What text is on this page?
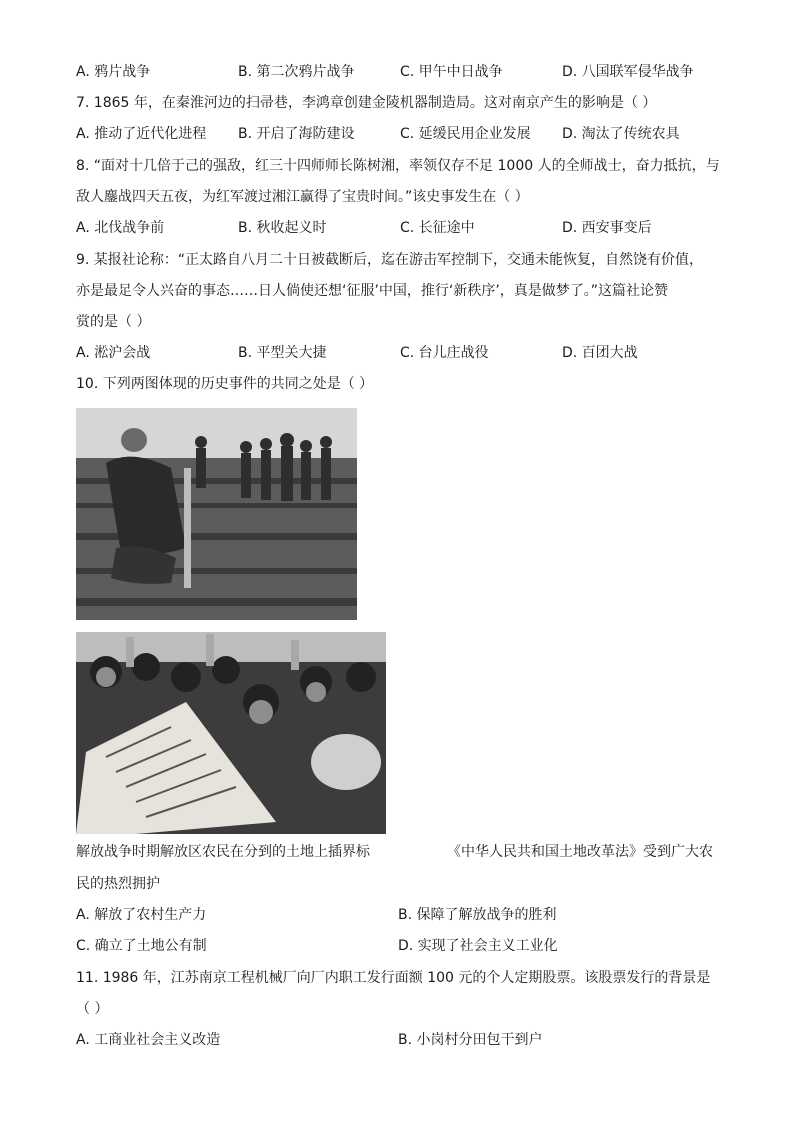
A. 鸦片战争	B. 第二次鸦片战争	C. 甲午中日战争	D. 八国联军侵华战争
7. 1865 年，在秦淮河边的扫帚巷，李鸿章创建金陵机器制造局。这对南京产生的影响是（ ）
A. 推动了近代化进程 B. 开启了海防建设	C. 延缓民用企业发展 D. 淘汰了传统农具
8. “面对十几倍于己的强敌，红三十四师师长陈树湘，率领仅存不足 1000 人的全师战士，奋力抵抗，与
敌人鏖战四天五夜，为红军渡过湘江赢得了宝贵时间。”该史事发生在（ ）
A. 北伐战争前	B. 秋收起义时	C. 长征途中	D. 西安事变后
9. 某报社论称：“正太路自八月二十日被截断后，迄在游击军控制下，交通未能恢复，自然饶有价值，
亦是最足令人兴奋的事态……日人倘使还想‘征服’中国，推行‘新秩序’，真是做梦了。”这篇社论赞
赏的是（ ）
A. 淞沪会战	B. 平型关大捷	C. 台儿庄战役	D. 百团大战
10. 下列两图体现的历史事件的共同之处是（ ）
解放战争时期解放区农民在分到的土地上插界标	《中华人民共和国土地改革法》受到广大农
民的热烈拥护
A. 解放了农村生产力	B. 保障了解放战争的胜利
C. 确立了土地公有制	D. 实现了社会主义工业化
11. 1986 年，江苏南京工程机械厂向厂内职工发行面额 100 元的个人定期股票。该股票发行的背景是
（ ）
A. 工商业社会主义改造	B. 小岗村分田包干到户
